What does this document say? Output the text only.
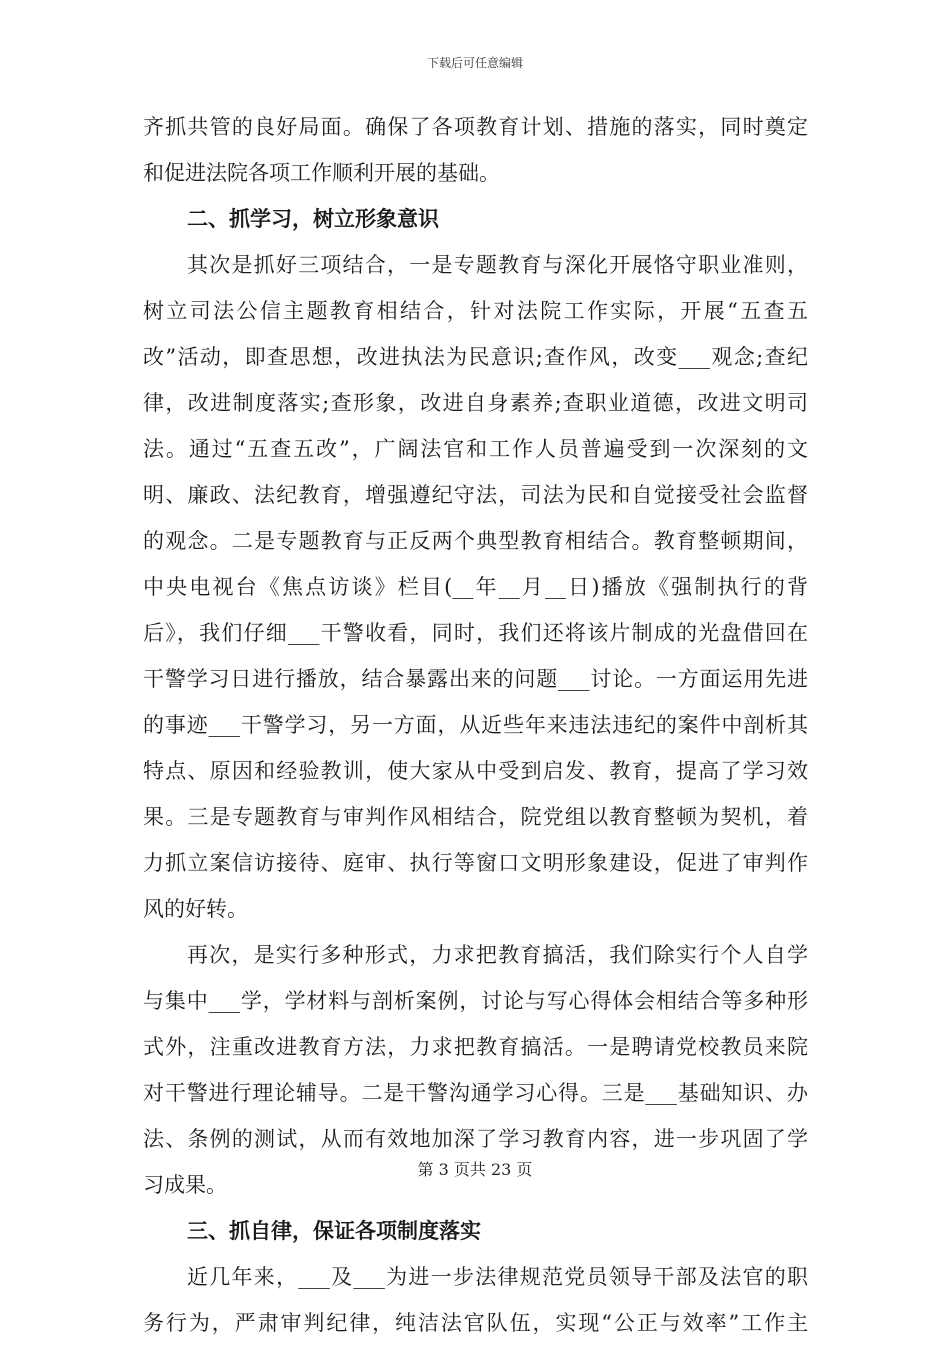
下载后可任意编辑
齐抓共管的良好局面。确保了各项教育计划、措施的落实，同时奠定
和促进法院各项工作顺利开展的基础。
二、抓学习，树立形象意识
其次是抓好三项结合，一是专题教育与深化开展恪守职业准则，
树立司法公信主题教育相结合，针对法院工作实际，开展“五查五
改”活动，即查思想，改进执法为民意识;查作风，改变___观念;查纪
律，改进制度落实;查形象，改进自身素养;查职业道德，改进文明司
法。通过“五查五改”，广阔法官和工作人员普遍受到一次深刻的文
明、廉政、法纪教育，增强遵纪守法，司法为民和自觉接受社会监督
的观念。二是专题教育与正反两个典型教育相结合。教育整顿期间，
中央电视台《焦点访谈》栏目(__年__月__日)播放《强制执行的背
后》，我们仔细___干警收看，同时，我们还将该片制成的光盘借回在
干警学习日进行播放，结合暴露出来的问题___讨论。一方面运用先进
的事迹___干警学习，另一方面，从近些年来违法违纪的案件中剖析其
特点、原因和经验教训，使大家从中受到启发、教育，提高了学习效
果。三是专题教育与审判作风相结合，院党组以教育整顿为契机，着
力抓立案信访接待、庭审、执行等窗口文明形象建设，促进了审判作
风的好转。
再次，是实行多种形式，力求把教育搞活，我们除实行个人自学
与集中___学，学材料与剖析案例，讨论与写心得体会相结合等多种形
式外，注重改进教育方法，力求把教育搞活。一是聘请党校教员来院
对干警进行理论辅导。二是干警沟通学习心得。三是___基础知识、办
法、条例的测试，从而有效地加深了学习教育内容，进一步巩固了学
习成果。
三、抓自律，保证各项制度落实
近几年来，___及___为进一步法律规范党员领导干部及法官的职
务行为，严肃审判纪律，纯洁法官队伍，实现“公正与效率”工作主
第 3 页共 23 页
